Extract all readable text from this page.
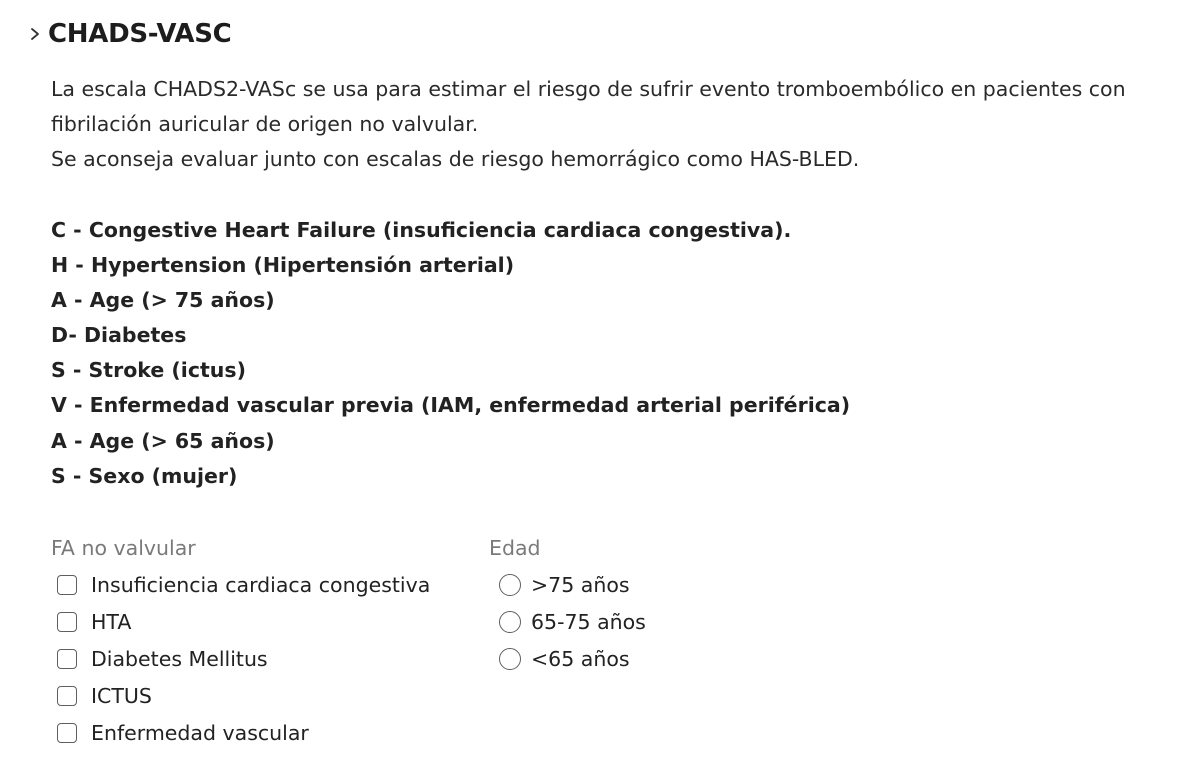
CHADS-VASC
La escala CHADS2-VASc se usa para estimar el riesgo de sufrir evento tromboembólico en pacientes con
fibrilación auricular de origen no valvular.
Se aconseja evaluar junto con escalas de riesgo hemorrágico como HAS-BLED.
C - Congestive Heart Failure (insuficiencia cardiaca congestiva).
H - Hypertension (Hipertensión arterial)
A - Age (> 75 años)
D- Diabetes
S - Stroke (ictus)
V - Enfermedad vascular previa (IAM, enfermedad arterial periférica)
A - Age (> 65 años)
S - Sexo (mujer)
FA no valvular
Insuficiencia cardiaca congestiva
HTA
Diabetes Mellitus
ICTUS
Enfermedad vascular
Edad
>75 años
65-75 años
<65 años
